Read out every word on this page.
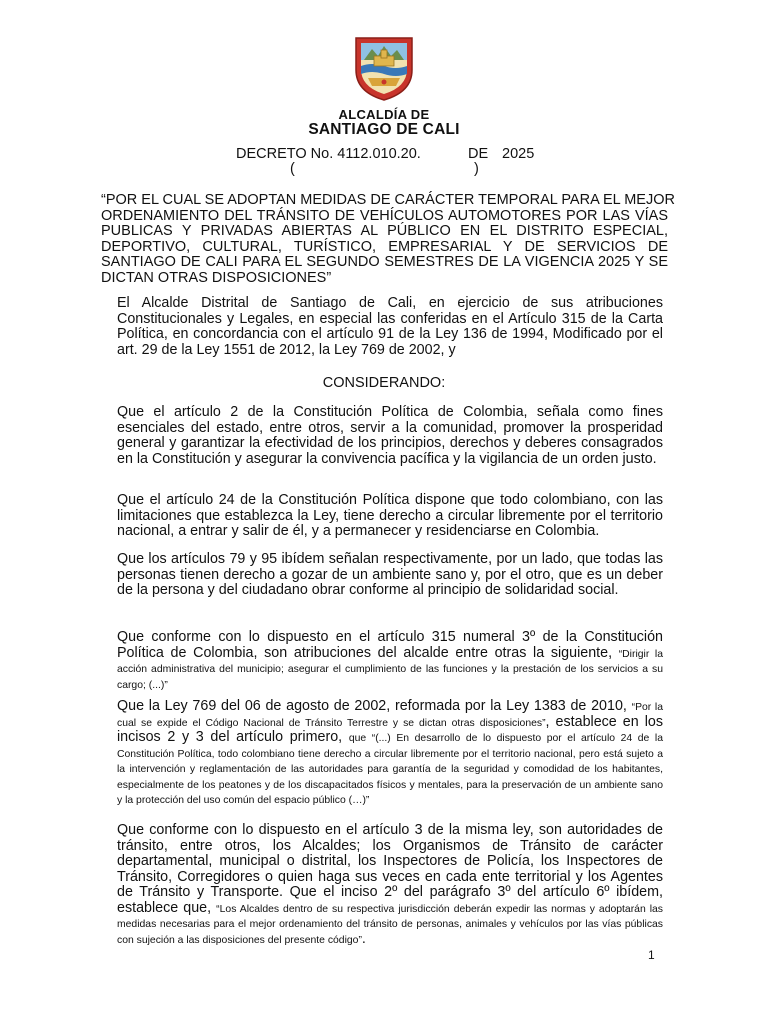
ALCALDÍA DE
SANTIAGO DE CALI
DECRETO No. 4112.010.20.	DE 2025
(	)
“POR EL CUAL SE ADOPTAN MEDIDAS DE CARÁCTER TEMPORAL PARA EL MEJOR
ORDENAMIENTO DEL TRÁNSITO DE VEHÍCULOS AUTOMOTORES POR LAS VÍAS
PUBLICAS Y PRIVADAS ABIERTAS AL PÚBLICO EN EL DISTRITO ESPECIAL,
DEPORTIVO, CULTURAL, TURÍSTICO, EMPRESARIAL Y DE SERVICIOS DE
SANTIAGO DE CALI PARA EL SEGUNDO SEMESTRES DE LA VIGENCIA 2025 Y SE
DICTAN OTRAS DISPOSICIONES”
El Alcalde Distrital de Santiago de Cali, en ejercicio de sus atribuciones Constitucionales y Legales, en especial las conferidas en el Artículo 315 de la Carta Política, en concordancia con el artículo 91 de la Ley 136 de 1994, Modificado por el art. 29 de la Ley 1551 de 2012, la Ley 769 de 2002, y
CONSIDERANDO:
Que el artículo 2 de la Constitución Política de Colombia, señala como fines esenciales del estado, entre otros, servir a la comunidad, promover la prosperidad general y garantizar la efectividad de los principios, derechos y deberes consagrados en la Constitución y asegurar la convivencia pacífica y la vigilancia de un orden justo.
Que el artículo 24 de la Constitución Política dispone que todo colombiano, con las limitaciones que establezca la Ley, tiene derecho a circular libremente por el territorio nacional, a entrar y salir de él, y a permanecer y residenciarse en Colombia.
Que los artículos 79 y 95 ibídem señalan respectivamente, por un lado, que todas las personas tienen derecho a gozar de un ambiente sano y, por el otro, que es un deber de la persona y del ciudadano obrar conforme al principio de solidaridad social.
Que conforme con lo dispuesto en el artículo 315 numeral 3º de la Constitución Política de Colombia, son atribuciones del alcalde entre otras la siguiente, “Dirigir la acción administrativa del municipio; asegurar el cumplimiento de las funciones y la prestación de los servicios a su cargo; (...)”
Que la Ley 769 del 06 de agosto de 2002, reformada por la Ley 1383 de 2010, “Por la cual se expide el Código Nacional de Tránsito Terrestre y se dictan otras disposiciones”, establece en los incisos 2 y 3 del artículo primero, que “(...) En desarrollo de lo dispuesto por el artículo 24 de la Constitución Política, todo colombiano tiene derecho a circular libremente por el territorio nacional, pero está sujeto a la intervención y reglamentación de las autoridades para garantía de la seguridad y comodidad de los habitantes, especialmente de los peatones y de los discapacitados físicos y mentales, para la preservación de un ambiente sano y la protección del uso común del espacio público (…)”
Que conforme con lo dispuesto en el artículo 3 de la misma ley, son autoridades de tránsito, entre otros, los Alcaldes; los Organismos de Tránsito de carácter departamental, municipal o distrital, los Inspectores de Policía, los Inspectores de Tránsito, Corregidores o quien haga sus veces en cada ente territorial y los Agentes de Tránsito y Transporte. Que el inciso 2º del parágrafo 3º del artículo 6º ibídem, establece que, “Los Alcaldes dentro de su respectiva jurisdicción deberán expedir las normas y adoptarán las medidas necesarias para el mejor ordenamiento del tránsito de personas, animales y vehículos por las vías públicas con sujeción a las disposiciones del presente código”.
1
